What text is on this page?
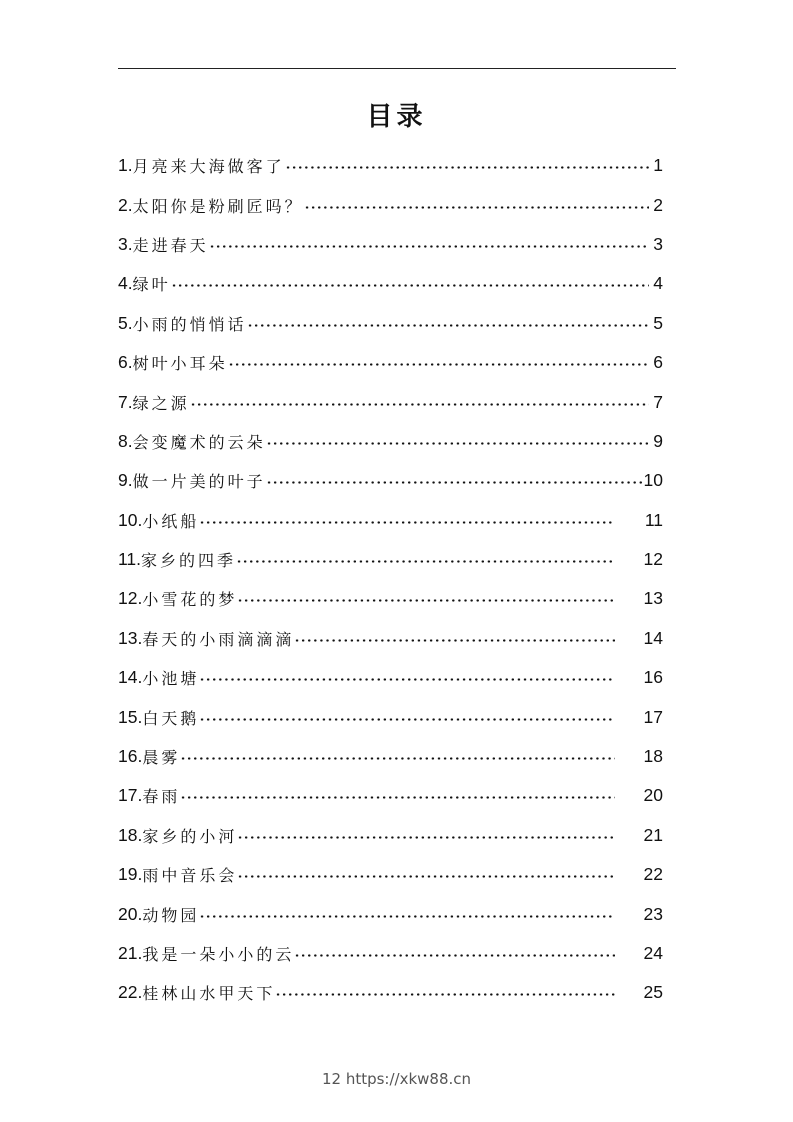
目录
1. 月亮来大海做客了	1
2. 太阳你是粉刷匠吗？	2
3. 走进春天	3
4. 绿叶	4
5. 小雨的悄悄话	5
6. 树叶小耳朵	6
7. 绿之源	7
8. 会变魔术的云朵	9
9. 做一片美的叶子	10
10. 小纸船	11
11. 家乡的四季	12
12. 小雪花的梦	13
13. 春天的小雨滴滴滴	14
14. 小池塘	16
15. 白天鹅	17
16. 晨雾	18
17. 春雨	20
18. 家乡的小河	21
19. 雨中音乐会	22
20. 动物园	23
21. 我是一朵小小的云	24
22. 桂林山水甲天下	25
12 https://xkw88.cn
